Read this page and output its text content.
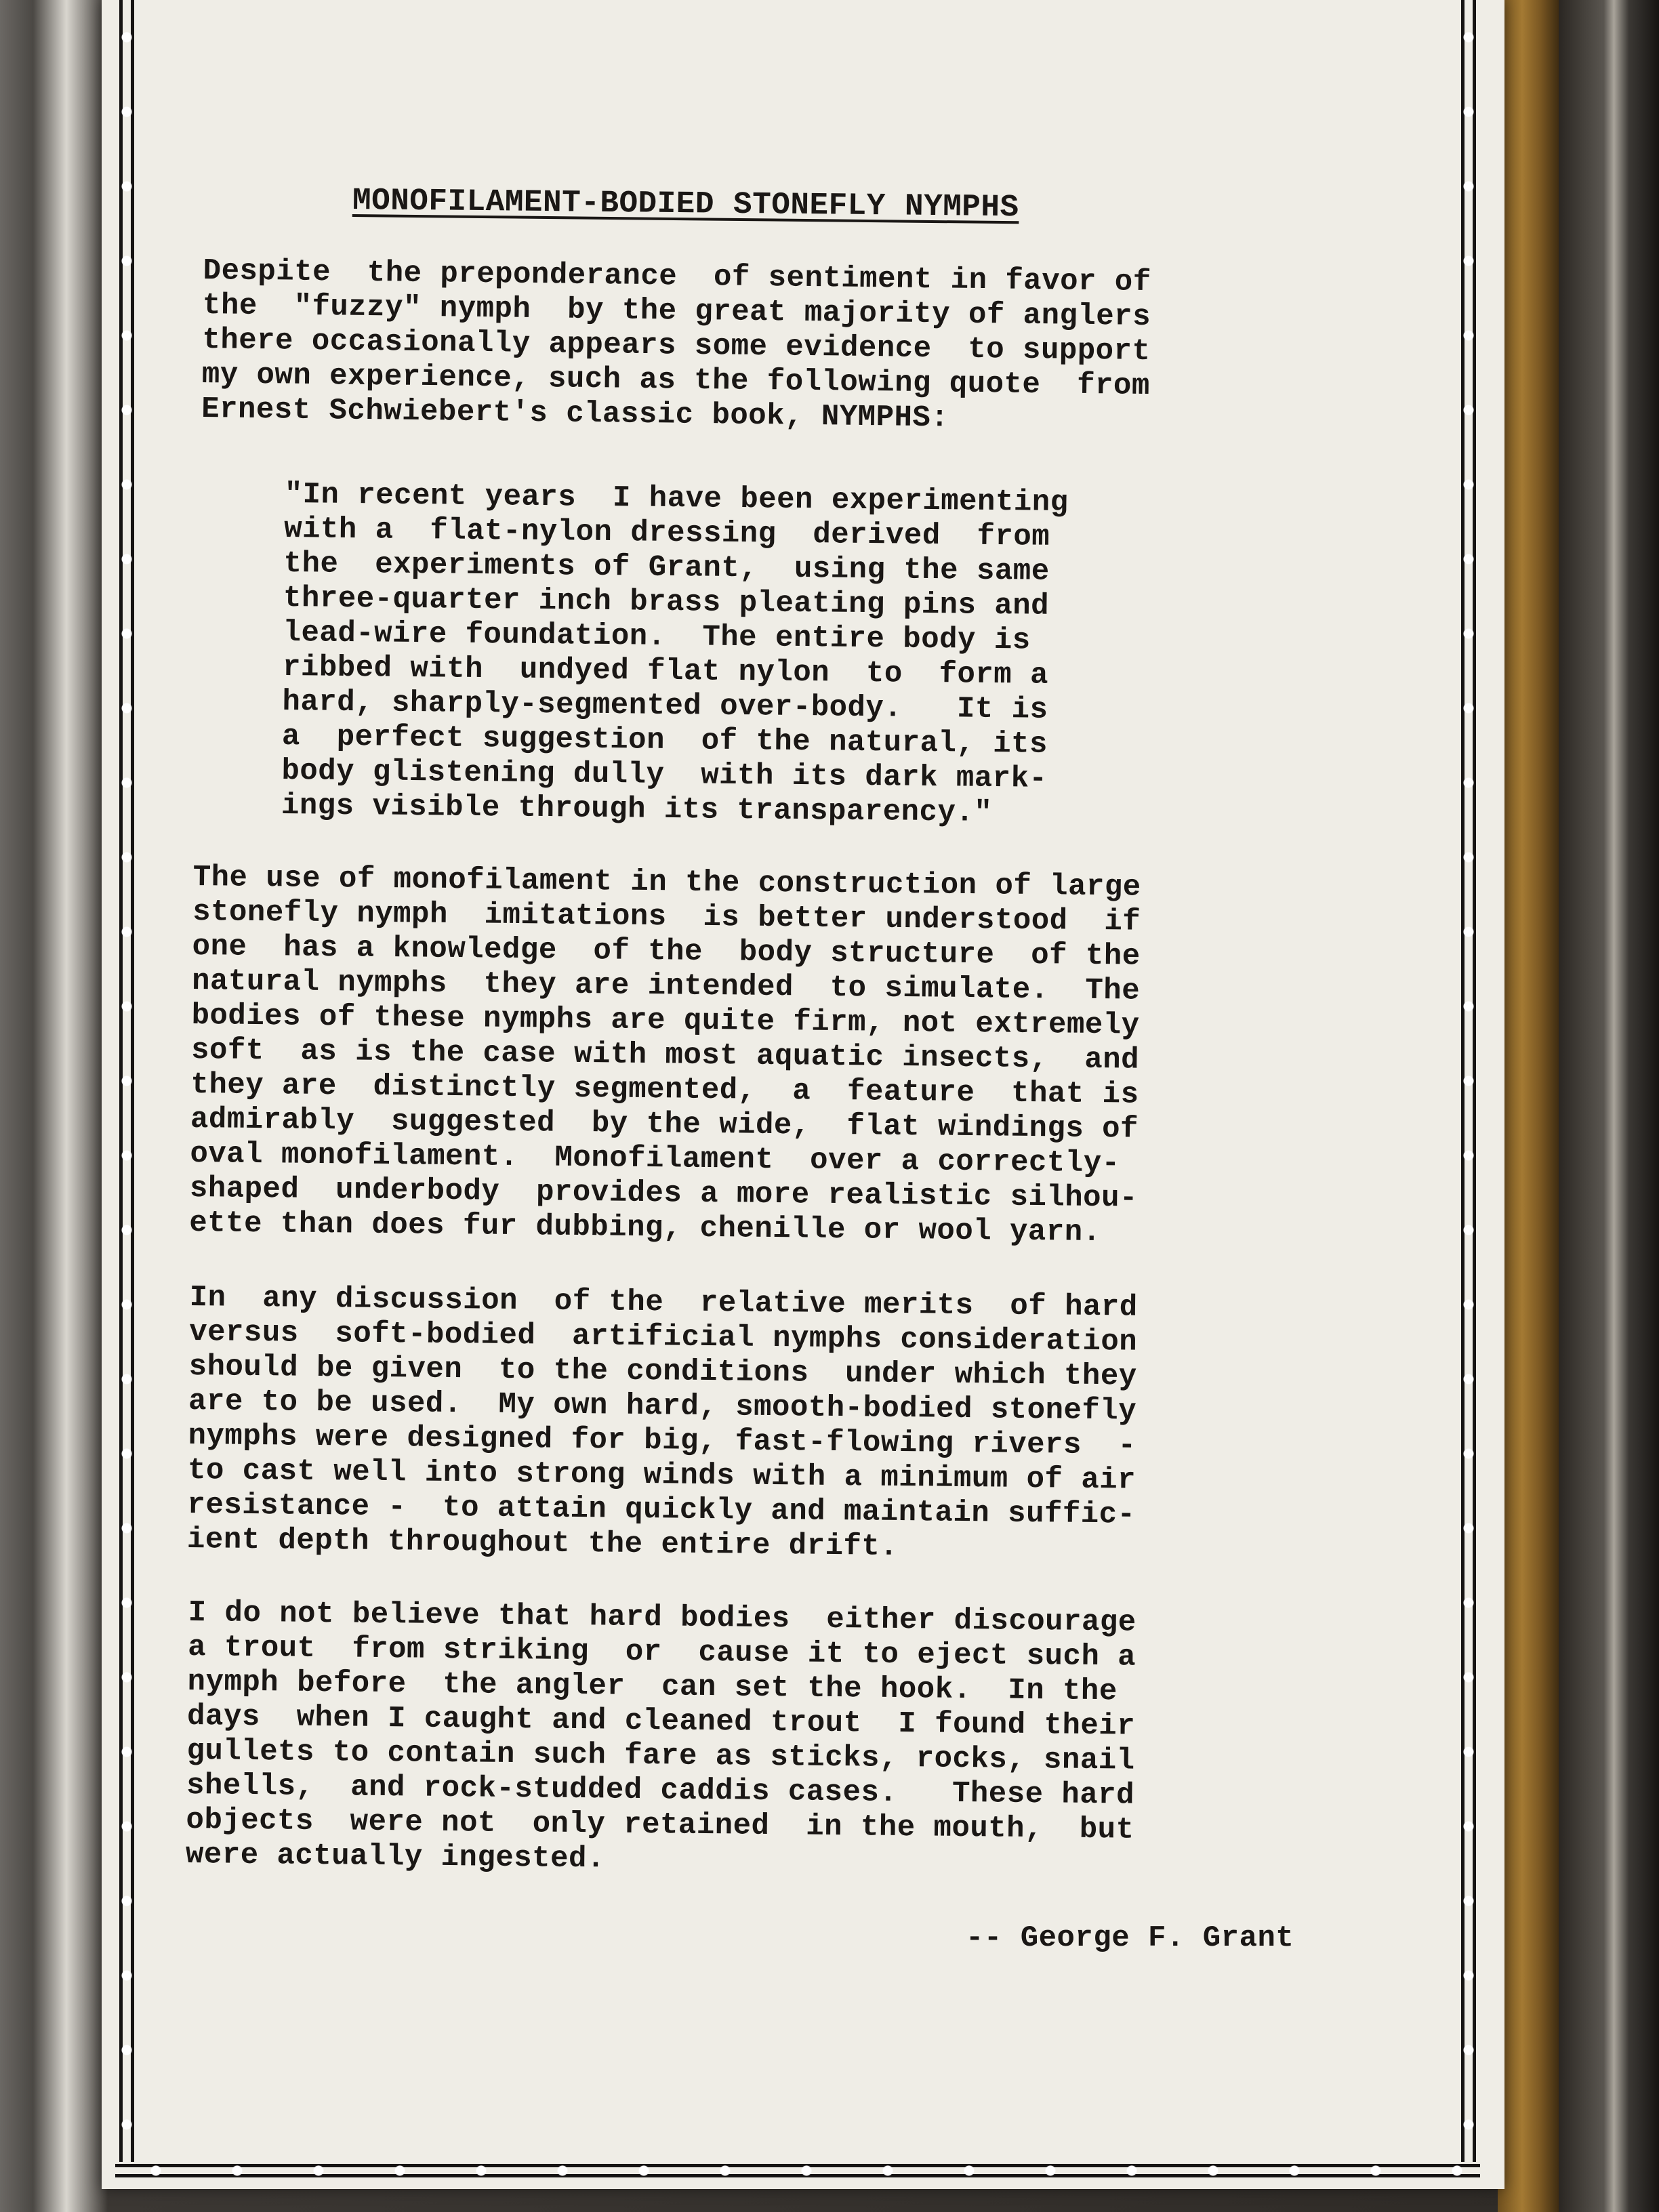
MONOFILAMENT-BODIED STONEFLY NYMPHS

Despite  the preponderance  of sentiment in favor of
the  "fuzzy" nymph  by the great majority of anglers
there occasionally appears some evidence  to support
my own experience, such as the following quote  from
Ernest Schwiebert's classic book, NYMPHS:

"In recent years  I have been experimenting
with a  flat-nylon dressing  derived  from
the  experiments of Grant,  using the same
three-quarter inch brass pleating pins and
lead-wire foundation.  The entire body is
ribbed with  undyed flat nylon  to  form a
hard, sharply-segmented over-body.   It is
a  perfect suggestion  of the natural, its
body glistening dully  with its dark mark-
ings visible through its transparency."

The use of monofilament in the construction of large
stonefly nymph  imitations  is better understood  if
one  has a knowledge  of the  body structure  of the
natural nymphs  they are intended  to simulate.  The
bodies of these nymphs are quite firm, not extremely
soft  as is the case with most aquatic insects,  and
they are  distinctly segmented,  a  feature  that is
admirably  suggested  by the wide,  flat windings of
oval monofilament.  Monofilament  over a correctly-
shaped  underbody  provides a more realistic silhou-
ette than does fur dubbing, chenille or wool yarn.

In  any discussion  of the  relative merits  of hard
versus  soft-bodied  artificial nymphs consideration
should be given  to the conditions  under which they
are to be used.  My own hard, smooth-bodied stonefly
nymphs were designed for big, fast-flowing rivers  -
to cast well into strong winds with a minimum of air
resistance -  to attain quickly and maintain suffic-
ient depth throughout the entire drift.

I do not believe that hard bodies  either discourage
a trout  from striking  or  cause it to eject such a
nymph before  the angler  can set the hook.  In the
days  when I caught and cleaned trout  I found their
gullets to contain such fare as sticks, rocks, snail
shells,  and rock-studded caddis cases.   These hard
objects  were not  only retained  in the mouth,  but
were actually ingested.

-- George F. Grant
